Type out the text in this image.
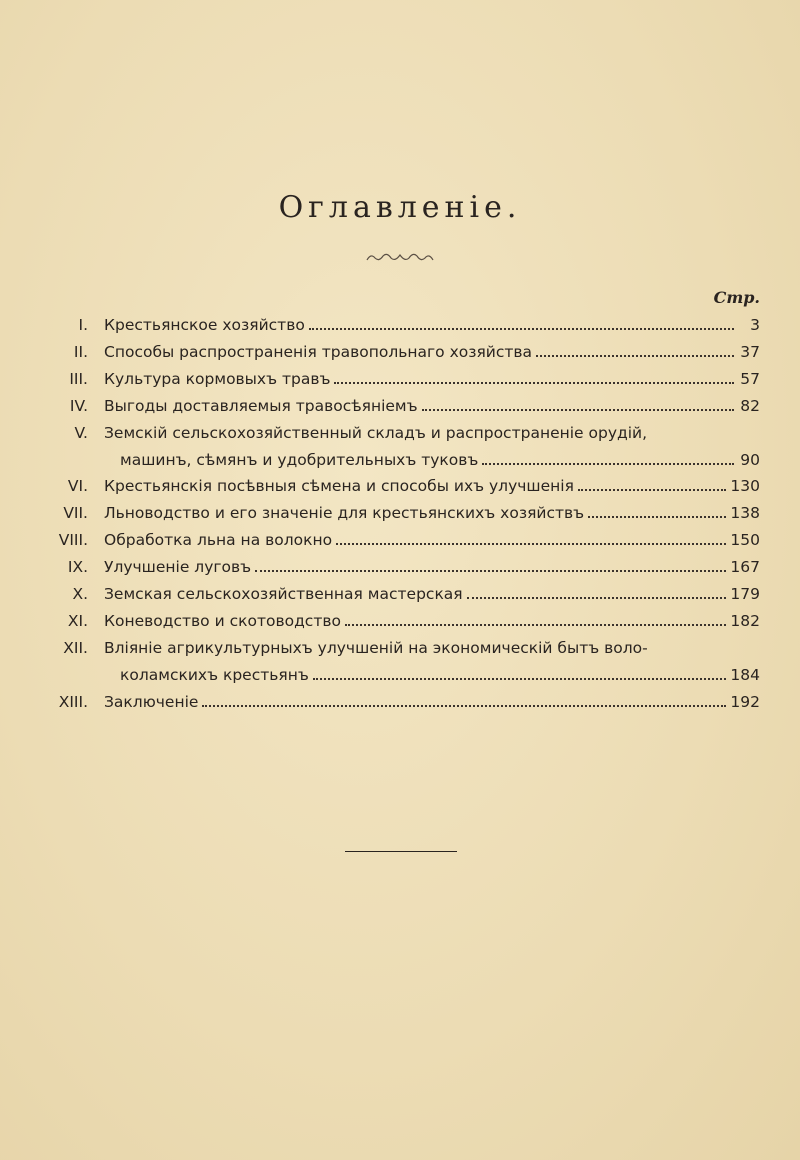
Оглавленіе.
Стр.
I. Крестьянское хозяйство	3
II. Способы распространенія травопольнаго хозяйства	37
III. Культура кормовыхъ травъ	57
IV. Выгоды доставляемыя травосѣяніемъ	82
V. Земскій сельскохозяйственный складъ и распространеніе орудій,
машинъ, сѣмянъ и удобрительныхъ туковъ	90
VI. Крестьянскія посѣвныя сѣмена и способы ихъ улучшенія	130
VII. Льноводство и его значеніе для крестьянскихъ хозяйствъ	138
VIII. Обработка льна на волокно	150
IX. Улучшеніе луговъ	167
X. Земская сельскохозяйственная мастерская	179
XI. Коневодство и скотоводство	182
XII. Вліяніе агрикультурныхъ улучшеній на экономическій бытъ воло-
коламскихъ крестьянъ	184
XIII. Заключеніе	192
